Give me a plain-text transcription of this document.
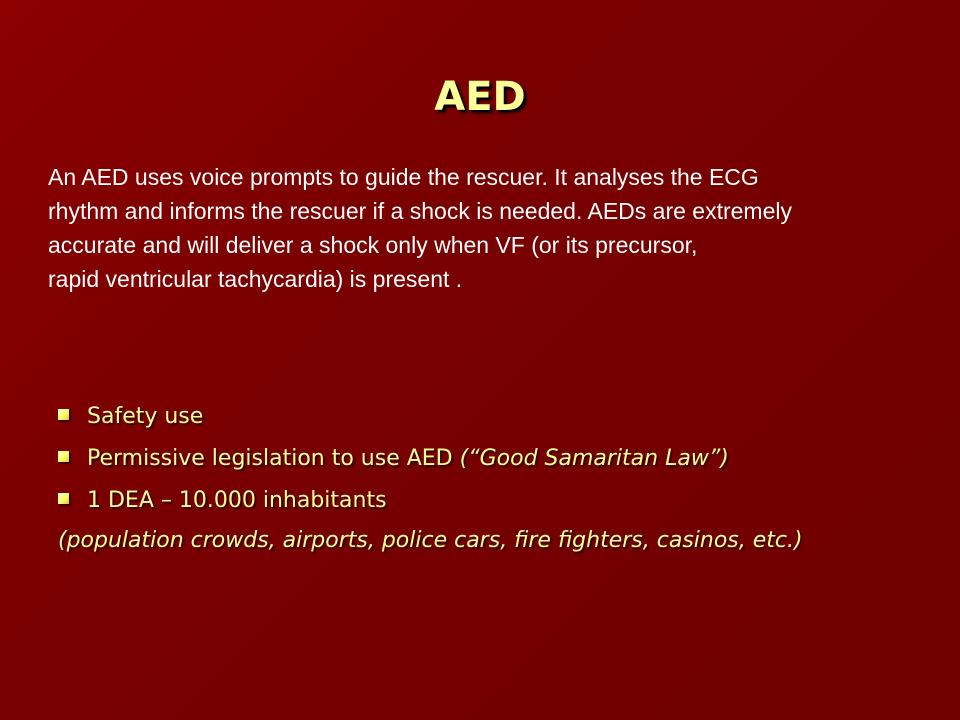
AED
An AED uses voice prompts to guide the rescuer. It analyses the ECG
rhythm and informs the rescuer if a shock is needed. AEDs are extremely
accurate and will deliver a shock only when VF (or its precursor,
rapid ventricular tachycardia) is present .
Safety use
Permissive legislation to use AED (“Good Samaritan Law”)
1 DEA – 10.000 inhabitants
(population crowds, airports, police cars, fire fighters, casinos, etc.)
